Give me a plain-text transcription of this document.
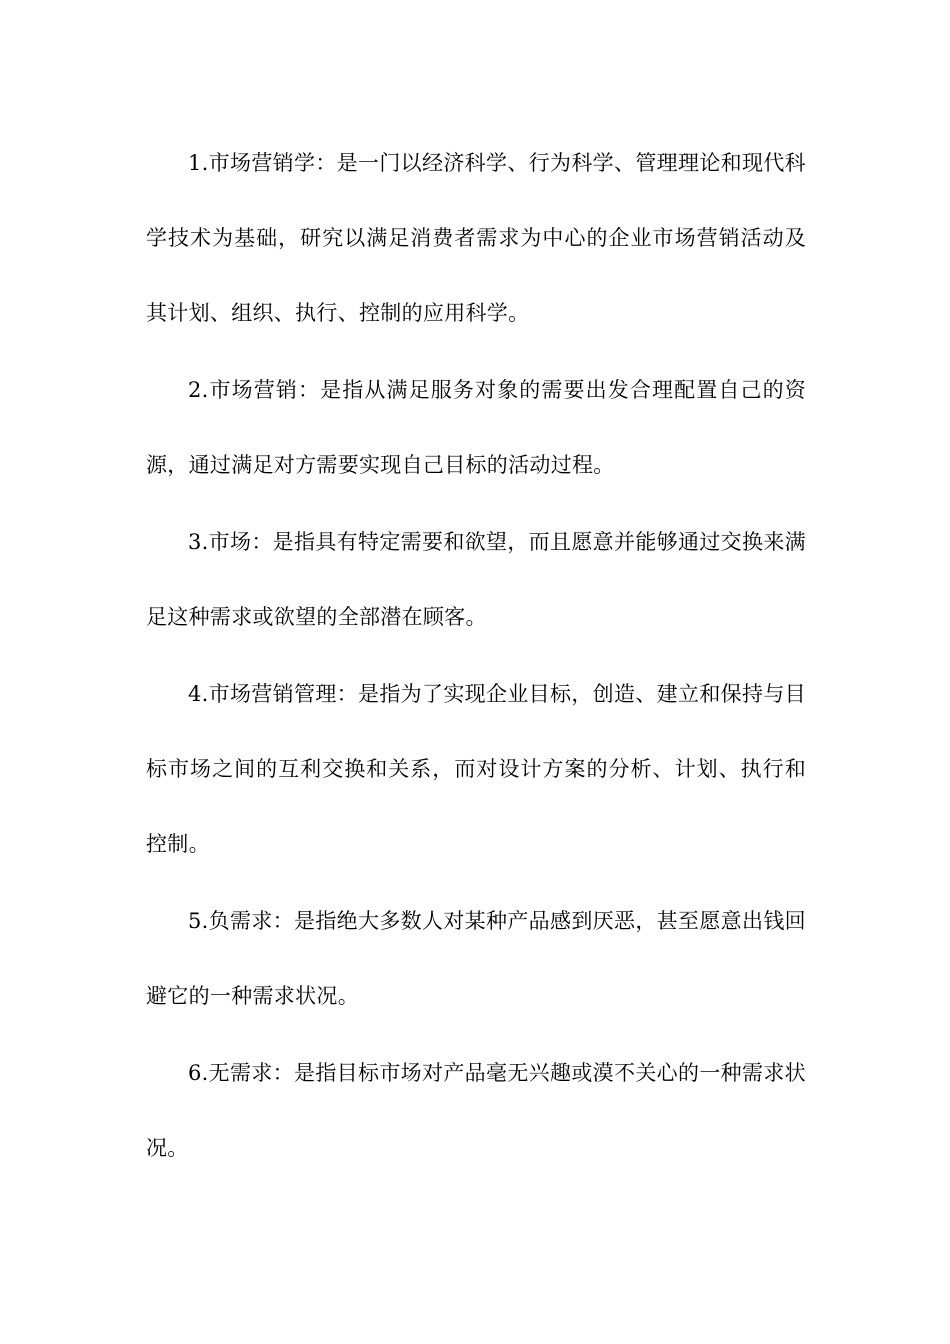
1.市场营销学：是一门以经济科学、行为科学、管理理论和现代科学技术为基础，研究以满足消费者需求为中心的企业市场营销活动及其计划、组织、执行、控制的应用科学。

2.市场营销：是指从满足服务对象的需要出发合理配置自己的资源，通过满足对方需要实现自己目标的活动过程。

3.市场：是指具有特定需要和欲望，而且愿意并能够通过交换来满足这种需求或欲望的全部潜在顾客。

4.市场营销管理：是指为了实现企业目标，创造、建立和保持与目标市场之间的互利交换和关系，而对设计方案的分析、计划、执行和控制。

5.负需求：是指绝大多数人对某种产品感到厌恶，甚至愿意出钱回避它的一种需求状况。

6.无需求：是指目标市场对产品毫无兴趣或漠不关心的一种需求状况。
